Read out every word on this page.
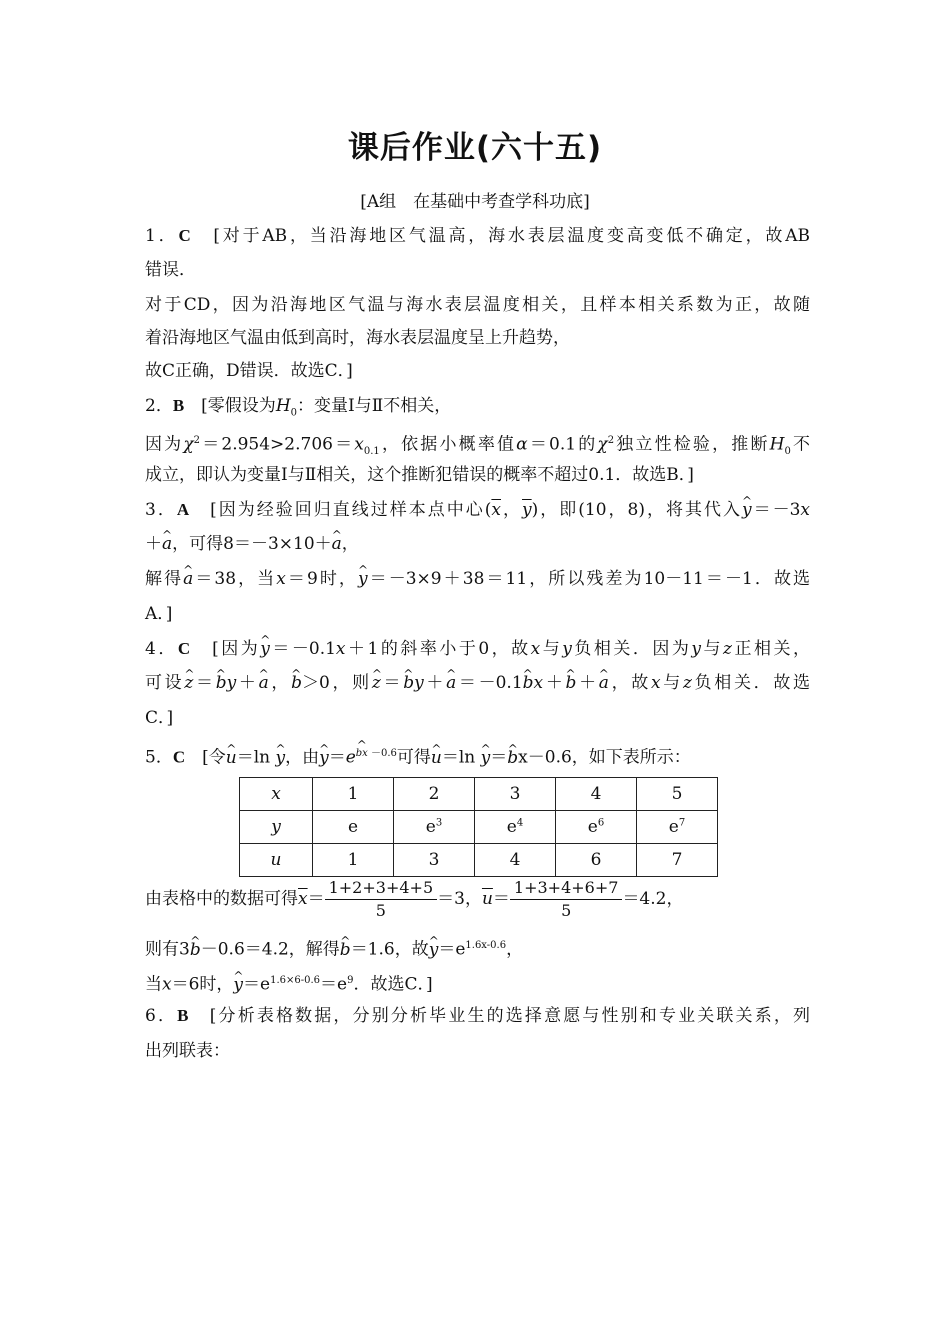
课后作业(六十五)
[A组　在基础中考查学科功底]
1．C　 [对于AB，当沿海地区气温高，海水表层温度变高变低不确定，故AB
错误．
对于CD，因为沿海地区气温与海水表层温度相关，且样本相关系数为正，故随
着沿海地区气温由低到高时，海水表层温度呈上升趋势，
故C正确，D错误．故选C．]
2．B　 [零假设为$H_0$：变量Ⅰ与Ⅱ不相关，
因为$\chi^2=2.954>2.706=x_{0.1}$，依据小概率值α＝0.1的$\chi^2$独立性检验，推断$H_0$不
成立，即认为变量Ⅰ与Ⅱ相关，这个推断犯错误的概率不超过0.1．故选B．]
3．A　 [因为经验回归直线过样本点中心($\overline{x}$，$\overline{y}$)，即(10，8)，将其代入^ y＝－3x
＋^ a，可得8＝－3×10＋^ a，
解得^ a＝38，当x＝9时，^ y＝－3×9＋38＝11，所以残差为10－11＝－1．故选
A．]
4．C　 [因为^ y＝－0.1x＋1的斜率小于0，故x与y负相关．因为y与z正相关，
可设^ z＝^ by＋^ a，^ b＞0，则^ z＝^ by＋^ a＝－0.1^ bx＋^ b＋^ a，故x与z负相关．故选
C．]
5．C　 [令^ u＝ln ^ y，由^ y＝e^ $^{bx -0.6}$可得^ u＝ln ^ y＝^ bx－0.6，如下表所示：
x	1	2	3	4	5
y	e	$e^3$	$e^4$	$e^6$	$e^7$
u	1	3	4	6	7
由表格中的数据可得$\overline{x}= \frac{1+2+3+4+5}{5} =3$，$\overline{u}= \frac{1+3+4+6+7}{5} =4.2$，
则有3^ b－0.6＝4.2，解得^ b＝1.6，故^ $y=e^{1.6x-0.6}$，
当x＝6时，^ $y=e^{1.6\times 6-0.6}=e^9$．故选C．]
6．B　 [分析表格数据，分别分析毕业生的选择意愿与性别和专业关联关系，列
出列联表：
